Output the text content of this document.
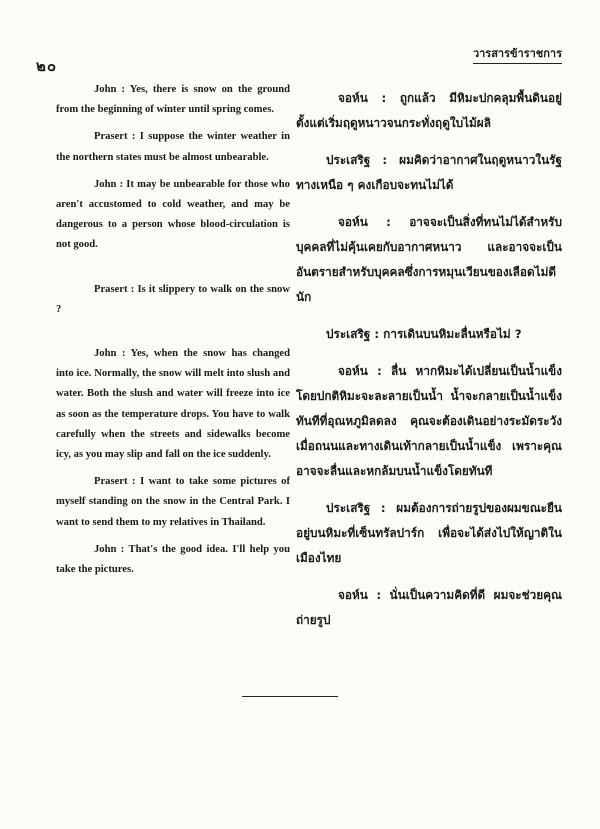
๒๐
วารสารข้าราชการ

John : Yes, there is snow on the ground from the beginning of winter until spring comes.

Prasert : I suppose the winter weather in the northern states must be almost unbearable.

John : It may be unbearable for those who aren't accustomed to cold weather, and may be dangerous to a person whose blood-circulation is not good.

Prasert : Is it slippery to walk on the snow ?

John : Yes, when the snow has changed into ice. Normally, the snow will melt into slush and water. Both the slush and water will freeze into ice as soon as the temperature drops. You have to walk carefully when the streets and sidewalks become icy, as you may slip and fall on the ice suddenly.

Prasert : I want to take some pictures of myself standing on the snow in the Central Park. I want to send them to my relatives in Thailand.

John : That's the good idea. I'll help you take the pictures.

จอห์น : ถูกแล้ว มีหิมะปกคลุมพื้นดินอยู่ตั้งแต่เริ่มฤดูหนาวจนกระทั่งฤดูใบไม้ผลิ

ประเสริฐ : ผมคิดว่าอากาศในฤดูหนาวในรัฐทางเหนือ ๆ คงเกือบจะทนไม่ได้

จอห์น : อาจจะเป็นสิ่งที่ทนไม่ได้สำหรับบุคคลที่ไม่คุ้นเคยกับอากาศหนาว และอาจจะเป็นอันตรายสำหรับบุคคลซึ่งการหมุนเวียนของเลือดไม่ดีนัก

ประเสริฐ : การเดินบนหิมะลื่นหรือไม่ ?

จอห์น : ลื่น หากหิมะได้เปลี่ยนเป็นน้ำแข็ง โดยปกติหิมะจะละลายเป็นน้ำ น้ำจะกลายเป็นน้ำแข็งทันทีที่อุณหภูมิลดลง คุณจะต้องเดินอย่างระมัดระวังเมื่อถนนและทางเดินเท้ากลายเป็นน้ำแข็ง เพราะคุณอาจจะลื่นและหกล้มบนน้ำแข็งโดยทันที

ประเสริฐ : ผมต้องการถ่ายรูปของผมขณะยืนอยู่บนหิมะที่เซ็นทรัลปาร์ก เพื่อจะได้ส่งไปให้ญาติในเมืองไทย

จอห์น : นั่นเป็นความคิดที่ดี ผมจะช่วยคุณถ่ายรูป
